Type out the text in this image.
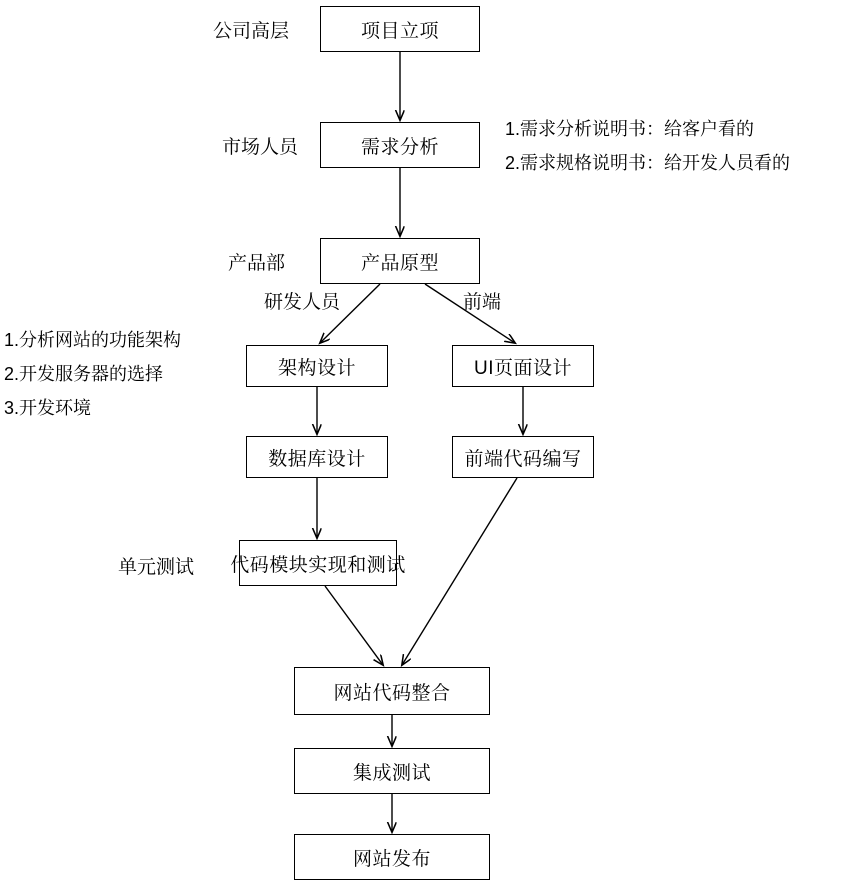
项目立项
需求分析
产品原型
架构设计	UI页面设计
数据库设计	前端代码编写
代码模块实现和测试
网站代码整合
集成测试
网站发布
公司高层
市场人员
产品部
研发人员	前端
单元测试
1.需求分析说明书：给客户看的
2.需求规格说明书：给开发人员看的
1.分析网站的功能架构
2.开发服务器的选择
3.开发环境
